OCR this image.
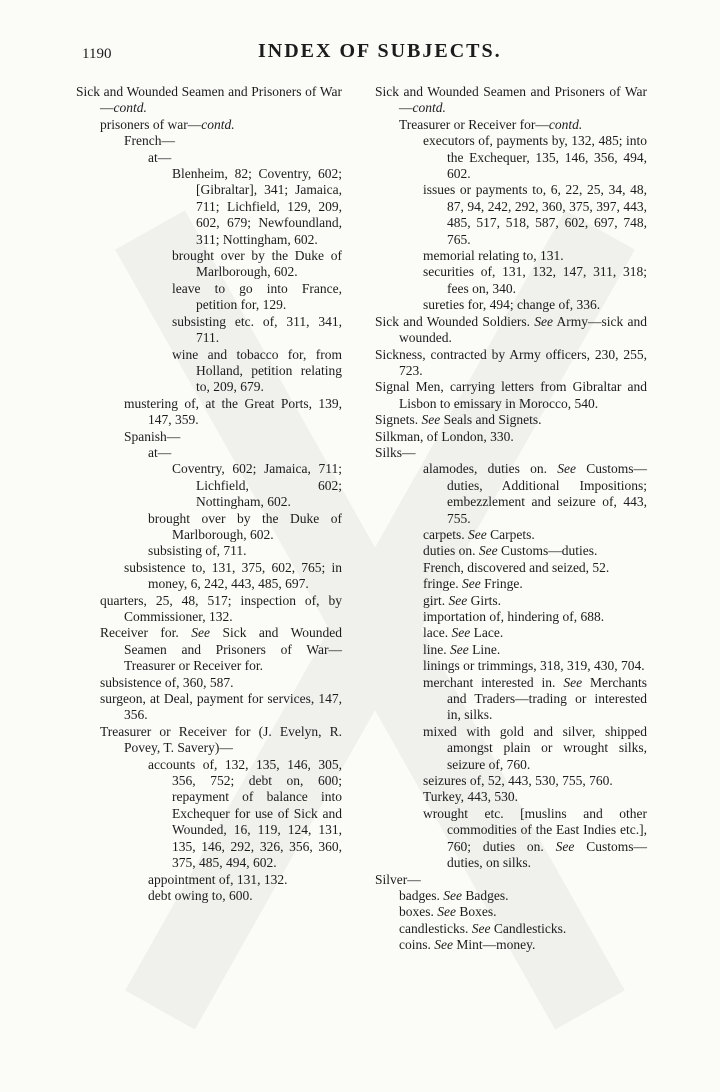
1190	INDEX OF SUBJECTS.
Sick and Wounded Seamen and Prisoners of War—contd.
prisoners of war—contd.
French—
at—
Blenheim, 82; Coventry, 602; [Gibraltar], 341; Jamaica, 711; Lichfield, 129, 209, 602, 679; Newfoundland, 311; Nottingham, 602.
brought over by the Duke of Marlborough, 602.
leave to go into France, petition for, 129.
subsisting etc. of, 311, 341, 711.
wine and tobacco for, from Holland, petition relating to, 209, 679.
mustering of, at the Great Ports, 139, 147, 359.
Spanish—
at—
Coventry, 602; Jamaica, 711; Lichfield, 602; Nottingham, 602.
brought over by the Duke of Marlborough, 602.
subsisting of, 711.
subsistence to, 131, 375, 602, 765; in money, 6, 242, 443, 485, 697.
quarters, 25, 48, 517; inspection of, by Commissioner, 132.
Receiver for. See Sick and Wounded Seamen and Prisoners of War—Treasurer or Receiver for.
subsistence of, 360, 587.
surgeon, at Deal, payment for services, 147, 356.
Treasurer or Receiver for (J. Evelyn, R. Povey, T. Savery)—
accounts of, 132, 135, 146, 305, 356, 752; debt on, 600; repayment of balance into Exchequer for use of Sick and Wounded, 16, 119, 124, 131, 135, 146, 292, 326, 356, 360, 375, 485, 494, 602.
appointment of, 131, 132.
debt owing to, 600.
Sick and Wounded Seamen and Prisoners of War—contd.
Treasurer or Receiver for—contd.
executors of, payments by, 132, 485; into the Exchequer, 135, 146, 356, 494, 602.
issues or payments to, 6, 22, 25, 34, 48, 87, 94, 242, 292, 360, 375, 397, 443, 485, 517, 518, 587, 602, 697, 748, 765.
memorial relating to, 131.
securities of, 131, 132, 147, 311, 318; fees on, 340.
sureties for, 494; change of, 336.
Sick and Wounded Soldiers. See Army—sick and wounded.
Sickness, contracted by Army officers, 230, 255, 723.
Signal Men, carrying letters from Gibraltar and Lisbon to emissary in Morocco, 540.
Signets. See Seals and Signets.
Silkman, of London, 330.
Silks—
alamodes, duties on. See Customs—duties, Additional Impositions; embezzlement and seizure of, 443, 755.
carpets. See Carpets.
duties on. See Customs—duties.
French, discovered and seized, 52.
fringe. See Fringe.
girt. See Girts.
importation of, hindering of, 688.
lace. See Lace.
line. See Line.
linings or trimmings, 318, 319, 430, 704.
merchant interested in. See Merchants and Traders—trading or interested in, silks.
mixed with gold and silver, shipped amongst plain or wrought silks, seizure of, 760.
seizures of, 52, 443, 530, 755, 760.
Turkey, 443, 530.
wrought etc. [muslins and other commodities of the East Indies etc.], 760; duties on. See Customs—duties, on silks.
Silver—
badges. See Badges.
boxes. See Boxes.
candlesticks. See Candlesticks.
coins. See Mint—money.
